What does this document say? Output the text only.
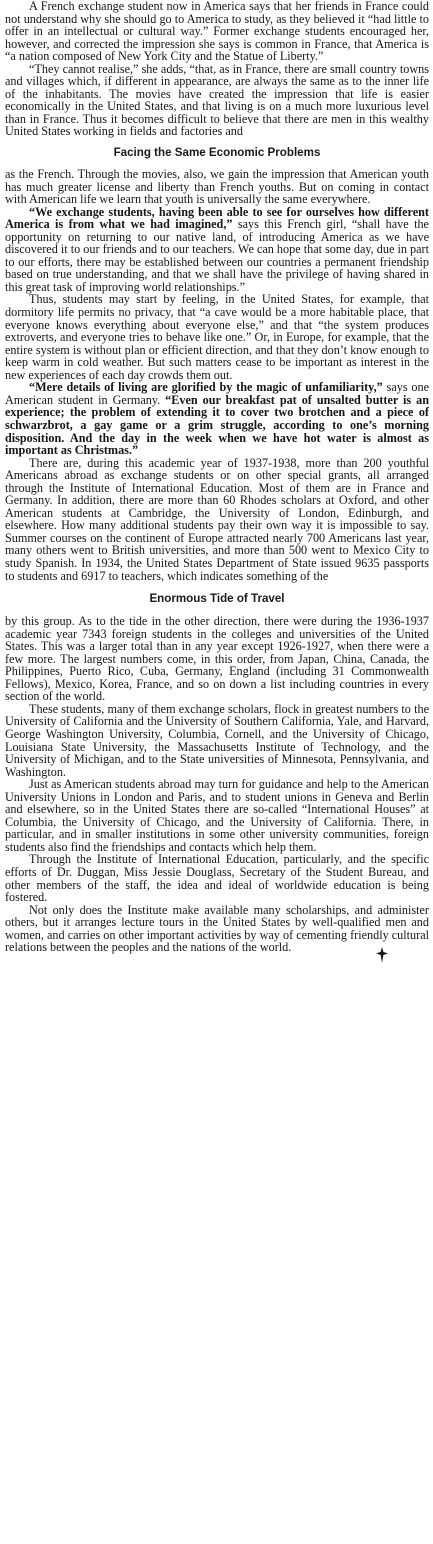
A French exchange student now in America says that her friends in France could not understand why she should go to America to study, as they believed it “had little to offer in an intellectual or cultural way.” Former exchange students encouraged her, however, and corrected the impression she says is common in France, that America is “a nation composed of New York City and the Statue of Liberty.”

“They cannot realise,” she adds, “that, as in France, there are small country towns and villages which, if different in appearance, are always the same as to the inner life of the inhabitants. The movies have created the impression that life is easier economically in the United States, and that living is on a much more luxurious level than in France. Thus it becomes difficult to believe that there are men in this wealthy United States working in fields and factories and

Facing the Same Economic Problems

as the French. Through the movies, also, we gain the impression that American youth has much greater license and liberty than French youths. But on coming in contact with American life we learn that youth is universally the same everywhere.

“We exchange students, having been able to see for ourselves how different America is from what we had imagined,” says this French girl, “shall have the opportunity on returning to our native land, of introducing America as we have discovered it to our friends and to our teachers. We can hope that some day, due in part to our efforts, there may be established between our countries a permanent friendship based on true understanding, and that we shall have the privilege of having shared in this great task of improving world relationships.”

Thus, students may start by feeling, in the United States, for example, that dormitory life permits no privacy, that “a cave would be a more habitable place, that everyone knows everything about everyone else,” and that “the system produces extroverts, and everyone tries to behave like one.” Or, in Europe, for example, that the entire system is without plan or efficient direction, and that they don’t know enough to keep warm in cold weather. But such matters cease to be important as interest in the new experiences of each day crowds them out.

“Mere details of living are glorified by the magic of unfamiliarity,” says one American student in Germany. “Even our breakfast pat of unsalted butter is an experience; the problem of extending it to cover two brotchen and a piece of schwarzbrot, a gay game or a grim struggle, according to one’s morning disposition. And the day in the week when we have hot water is almost as important as Christmas.”

There are, during this academic year of 1937-1938, more than 200 youthful Americans abroad as exchange students or on other special grants, all arranged through the Institute of International Education. Most of them are in France and Germany. In addition, there are more than 60 Rhodes scholars at Oxford, and other American students at Cambridge, the University of London, Edinburgh, and elsewhere. How many additional students pay their own way it is impossible to say. Summer courses on the continent of Europe attracted nearly 700 Americans last year, many others went to British universities, and more than 500 went to Mexico City to study Spanish. In 1934, the United States Department of State issued 9635 passports to students and 6917 to teachers, which indicates something of the

Enormous Tide of Travel

by this group. As to the tide in the other direction, there were during the 1936-1937 academic year 7343 foreign students in the colleges and universities of the United States. This was a larger total than in any year except 1926-1927, when there were a few more. The largest numbers come, in this order, from Japan, China, Canada, the Philippines, Puerto Rico, Cuba, Germany, England (including 31 Commonwealth Fellows), Mexico, Korea, France, and so on down a list including countries in every section of the world.

These students, many of them exchange scholars, flock in greatest numbers to the University of California and the University of Southern California, Yale, and Harvard, George Washington University, Columbia, Cornell, and the University of Chicago, Louisiana State University, the Massachusetts Institute of Technology, and the University of Michigan, and to the State universities of Minnesota, Pennsylvania, and Washington.

Just as American students abroad may turn for guidance and help to the American University Unions in London and Paris, and to student unions in Geneva and Berlin and elsewhere, so in the United States there are so-called “International Houses” at Columbia, the University of Chicago, and the University of California. There, in particular, and in smaller institutions in some other university communities, foreign students also find the friendships and contacts which help them.

Through the Institute of International Education, particularly, and the specific efforts of Dr. Duggan, Miss Jessie Douglass, Secretary of the Student Bureau, and other members of the staff, the idea and ideal of worldwide education is being fostered.

Not only does the Institute make available many scholarships, and administer others, but it arranges lecture tours in the United States by well-qualified men and women, and carries on other important activities by way of cementing friendly cultural relations between the peoples and the nations of the world.
